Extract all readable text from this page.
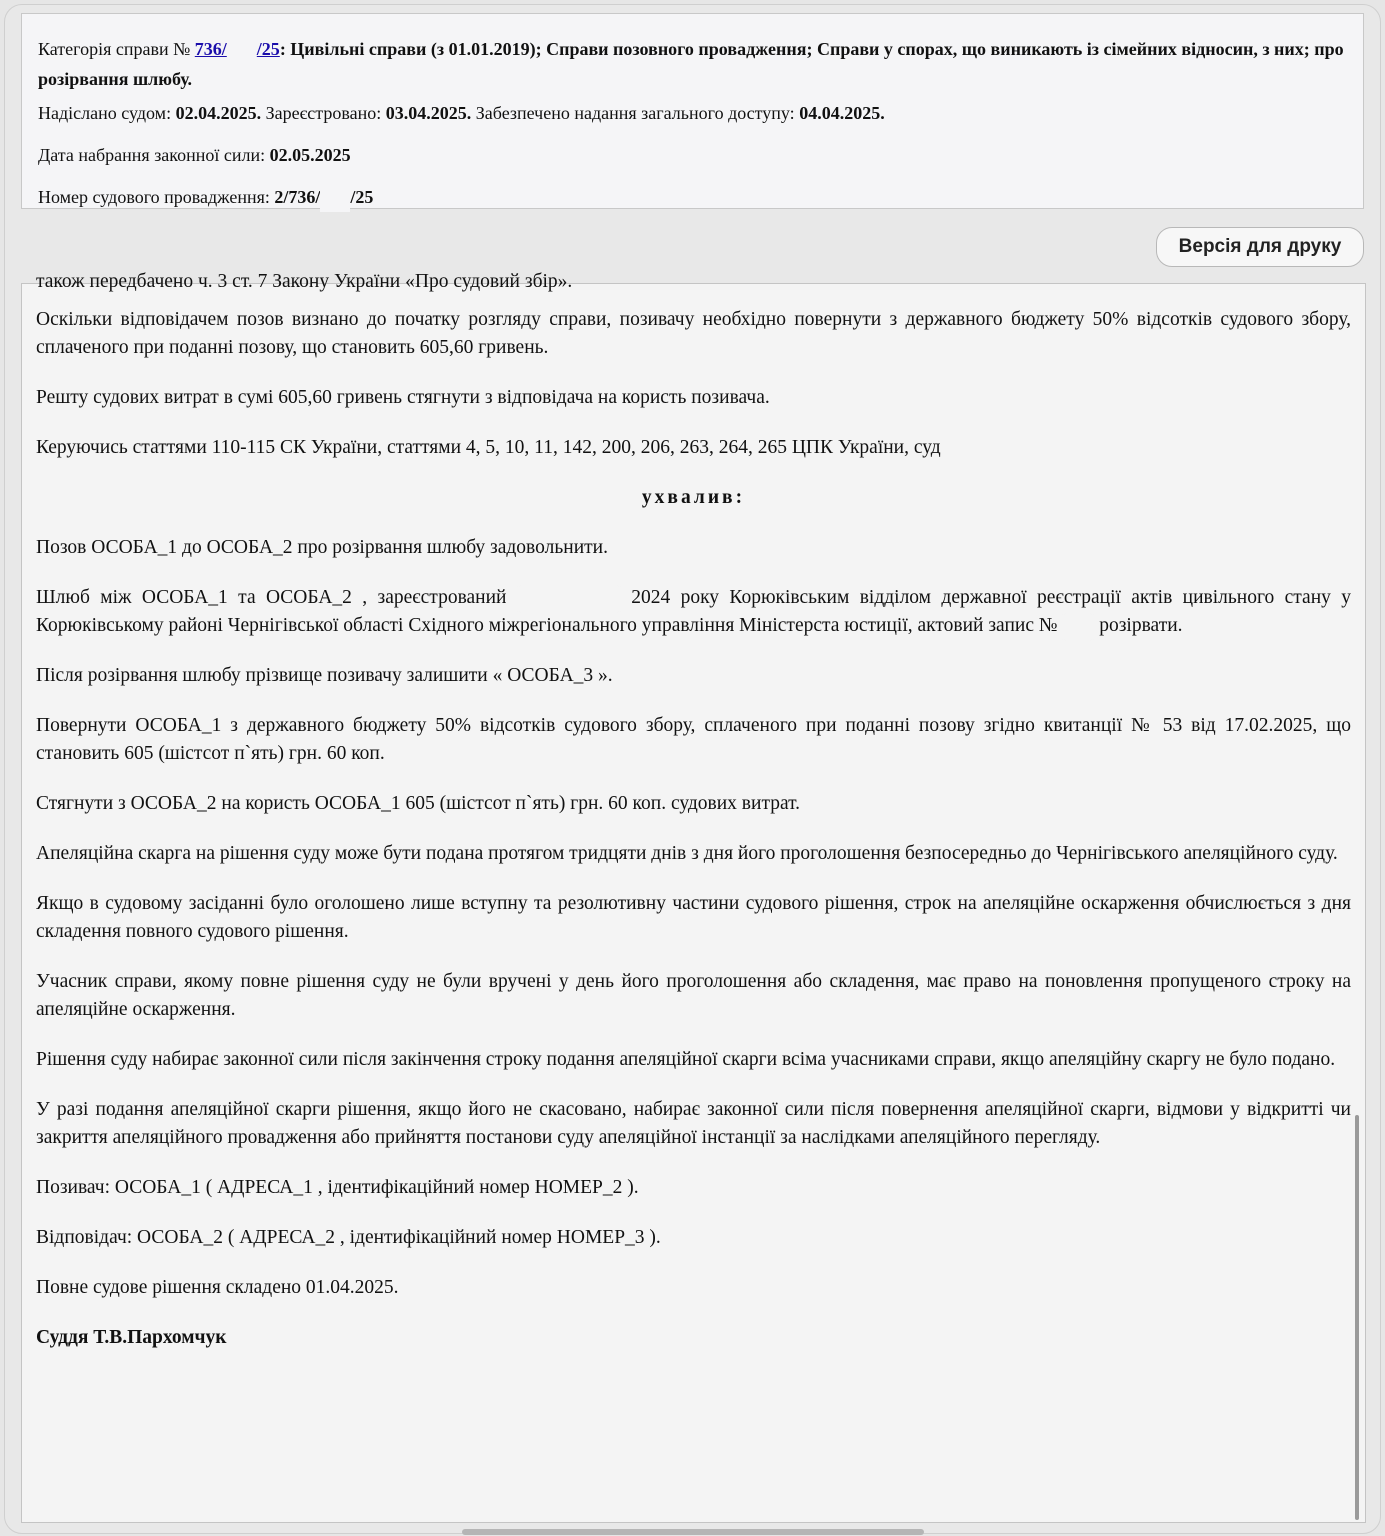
Категорія справи № 736/ /25: Цивільні справи (з 01.01.2019); Справи позовного провадження; Справи у спорах, що виникають із сімейних відносин, з них; про розірвання шлюбу.
Надіслано судом: 02.04.2025. Зареєстровано: 03.04.2025. Забезпечено надання загального доступу: 04.04.2025.
Дата набрання законної сили: 02.05.2025
Номер судового провадження: 2/736/ /25
Версія для друку

також передбачено ч. 3 ст. 7 Закону України «Про судовий збір».

Оскільки відповідачем позов визнано до початку розгляду справи, позивачу необхідно повернути з державного бюджету 50% відсотків судового збору, сплаченого при поданні позову, що становить 605,60 гривень.

Решту судових витрат в сумі 605,60 гривень стягнути з відповідача на користь позивача.

Керуючись статтями 110-115 СК України, статтями 4, 5, 10, 11, 142, 200, 206, 263, 264, 265 ЦПК України, суд

ухвалив:

Позов ОСОБА_1 до ОСОБА_2 про розірвання шлюбу задовольнити.

Шлюб між ОСОБА_1 та ОСОБА_2 , зареєстрований	2024 року Корюківським відділом державної реєстрації актів цивільного стану у Корюківському районі Чернігівської області Східного міжрегіонального управління Міністерста юстиції, актовий запис № розірвати.

Після розірвання шлюбу прізвище позивачу залишити « ОСОБА_3 ».

Повернути ОСОБА_1 з державного бюджету 50% відсотків судового збору, сплаченого при поданні позову згідно квитанції № 53 від 17.02.2025, що становить 605 (шістсот п`ять) грн. 60 коп.

Стягнути з ОСОБА_2 на користь ОСОБА_1 605 (шістсот п`ять) грн. 60 коп. судових витрат.

Апеляційна скарга на рішення суду може бути подана протягом тридцяти днів з дня його проголошення безпосередньо до Чернігівського апеляційного суду.

Якщо в судовому засіданні було оголошено лише вступну та резолютивну частини судового рішення, строк на апеляційне оскарження обчислюється з дня складення повного судового рішення.

Учасник справи, якому повне рішення суду не були вручені у день його проголошення або складення, має право на поновлення пропущеного строку на апеляційне оскарження.

Рішення суду набирає законної сили після закінчення строку подання апеляційної скарги всіма учасниками справи, якщо апеляційну скаргу не було подано.

У разі подання апеляційної скарги рішення, якщо його не скасовано, набирає законної сили після повернення апеляційної скарги, відмови у відкритті чи закриття апеляційного провадження або прийняття постанови суду апеляційної інстанції за наслідками апеляційного перегляду.

Позивач: ОСОБА_1 ( АДРЕСА_1 , ідентифікаційний номер НОМЕР_2 ).

Відповідач: ОСОБА_2 ( АДРЕСА_2 , ідентифікаційний номер НОМЕР_3 ).

Повне судове рішення складено 01.04.2025.

Суддя Т.В.Пархомчук
